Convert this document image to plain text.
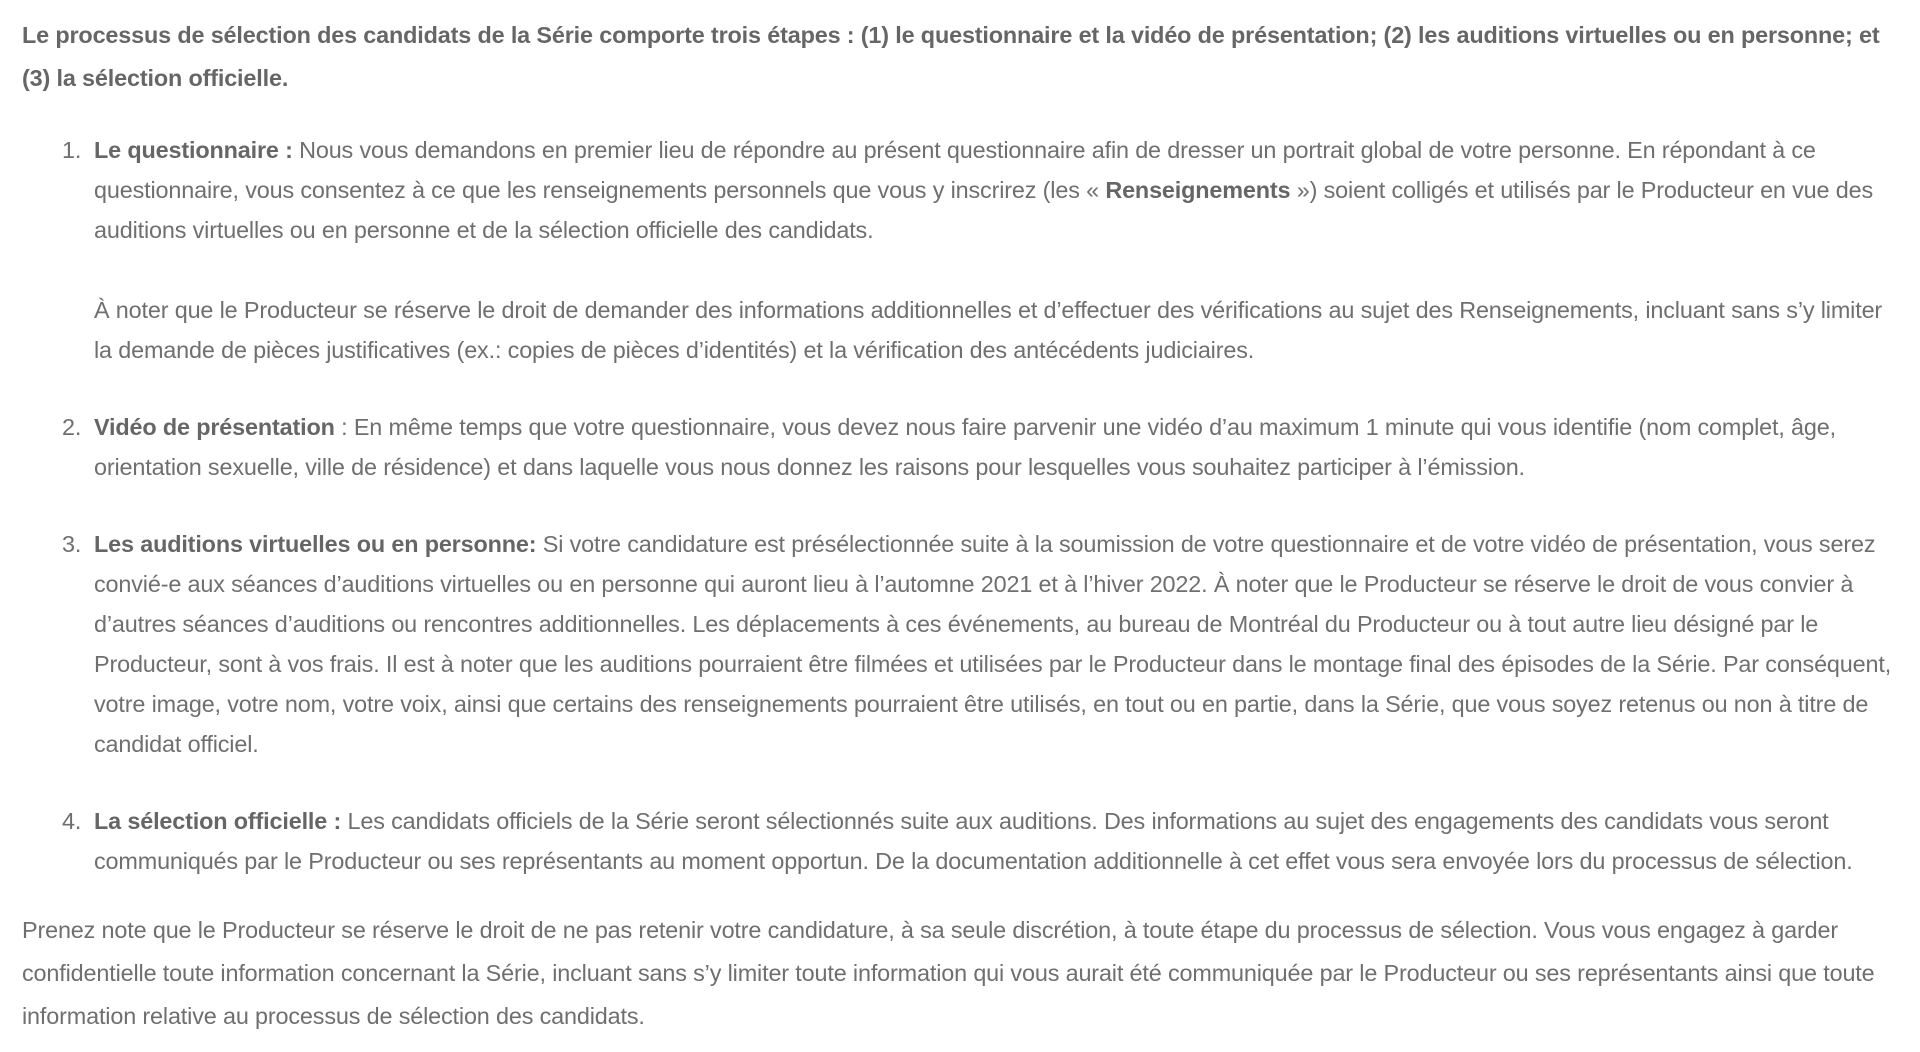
Le processus de sélection des candidats de la Série comporte trois étapes : (1) le questionnaire et la vidéo de présentation; (2) les auditions virtuelles ou en personne; et (3) la sélection officielle.

1. Le questionnaire : Nous vous demandons en premier lieu de répondre au présent questionnaire afin de dresser un portrait global de votre personne. En répondant à ce questionnaire, vous consentez à ce que les renseignements personnels que vous y inscrirez (les « Renseignements ») soient colligés et utilisés par le Producteur en vue des auditions virtuelles ou en personne et de la sélection officielle des candidats.

À noter que le Producteur se réserve le droit de demander des informations additionnelles et d’effectuer des vérifications au sujet des Renseignements, incluant sans s’y limiter la demande de pièces justificatives (ex.: copies de pièces d’identités) et la vérification des antécédents judiciaires.

2. Vidéo de présentation : En même temps que votre questionnaire, vous devez nous faire parvenir une vidéo d’au maximum 1 minute qui vous identifie (nom complet, âge, orientation sexuelle, ville de résidence) et dans laquelle vous nous donnez les raisons pour lesquelles vous souhaitez participer à l’émission.
3. Les auditions virtuelles ou en personne: Si votre candidature est présélectionnée suite à la soumission de votre questionnaire et de votre vidéo de présentation, vous serez convié-e aux séances d’auditions virtuelles ou en personne qui auront lieu à l’automne 2021 et à l’hiver 2022. À noter que le Producteur se réserve le droit de vous convier à d’autres séances d’auditions ou rencontres additionnelles. Les déplacements à ces événements, au bureau de Montréal du Producteur ou à tout autre lieu désigné par le Producteur, sont à vos frais. Il est à noter que les auditions pourraient être filmées et utilisées par le Producteur dans le montage final des épisodes de la Série. Par conséquent, votre image, votre nom, votre voix, ainsi que certains des renseignements pourraient être utilisés, en tout ou en partie, dans la Série, que vous soyez retenus ou non à titre de candidat officiel.
4. La sélection officielle : Les candidats officiels de la Série seront sélectionnés suite aux auditions. Des informations au sujet des engagements des candidats vous seront communiqués par le Producteur ou ses représentants au moment opportun. De la documentation additionnelle à cet effet vous sera envoyée lors du processus de sélection.

Prenez note que le Producteur se réserve le droit de ne pas retenir votre candidature, à sa seule discrétion, à toute étape du processus de sélection. Vous vous engagez à garder confidentielle toute information concernant la Série, incluant sans s’y limiter toute information qui vous aurait été communiquée par le Producteur ou ses représentants ainsi que toute information relative au processus de sélection des candidats.
